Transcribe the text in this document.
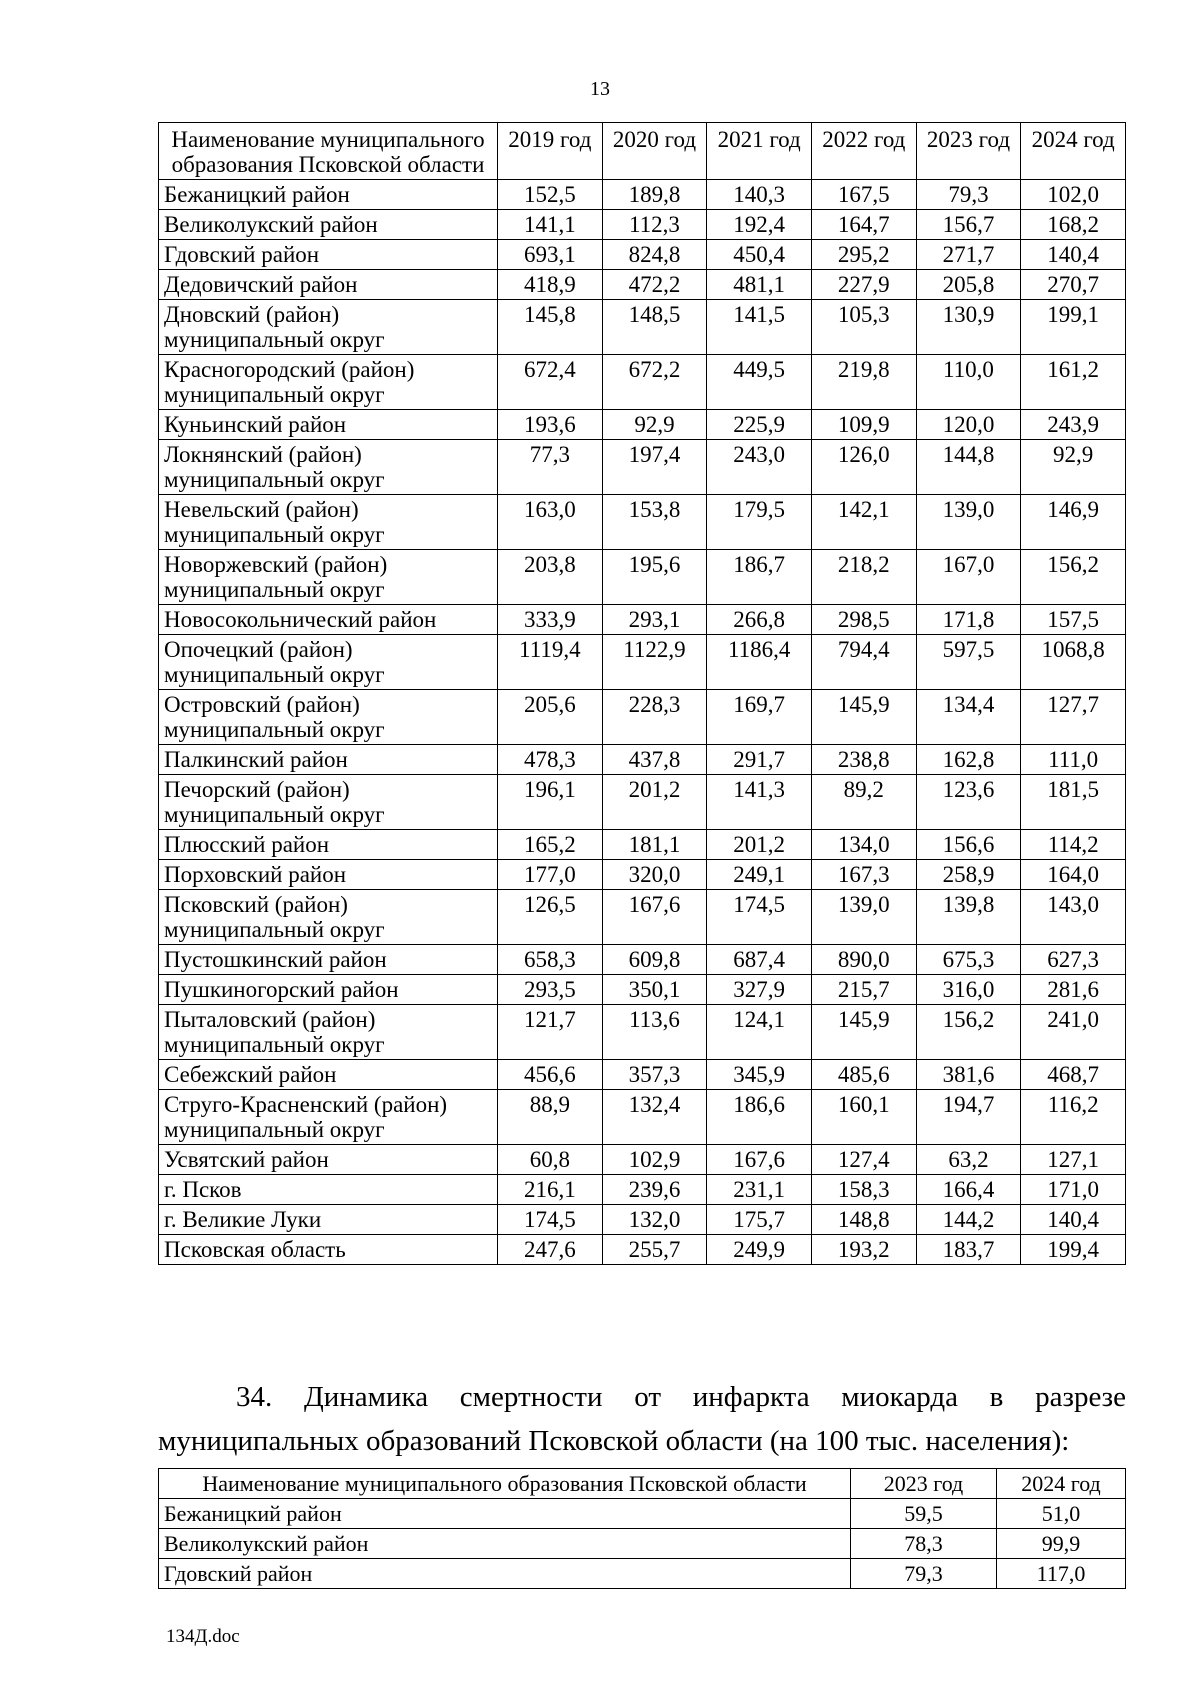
13
Наименование муниципального образования Псковской области	2019 год	2020 год	2021 год	2022 год	2023 год	2024 год
Бежаницкий район	152,5	189,8	140,3	167,5	79,3	102,0
Великолукский район	141,1	112,3	192,4	164,7	156,7	168,2
Гдовский район	693,1	824,8	450,4	295,2	271,7	140,4
Дедовичский район	418,9	472,2	481,1	227,9	205,8	270,7
Дновский (район) муниципальный округ	145,8	148,5	141,5	105,3	130,9	199,1
Красногородский (район) муниципальный округ	672,4	672,2	449,5	219,8	110,0	161,2
Куньинский район	193,6	92,9	225,9	109,9	120,0	243,9
Локнянский (район) муниципальный округ	77,3	197,4	243,0	126,0	144,8	92,9
Невельский (район) муниципальный округ	163,0	153,8	179,5	142,1	139,0	146,9
Новоржевский (район) муниципальный округ	203,8	195,6	186,7	218,2	167,0	156,2
Новосокольнический район	333,9	293,1	266,8	298,5	171,8	157,5
Опочецкий (район) муниципальный округ	1119,4	1122,9	1186,4	794,4	597,5	1068,8
Островский (район) муниципальный округ	205,6	228,3	169,7	145,9	134,4	127,7
Палкинский район	478,3	437,8	291,7	238,8	162,8	111,0
Печорский (район) муниципальный округ	196,1	201,2	141,3	89,2	123,6	181,5
Плюсский район	165,2	181,1	201,2	134,0	156,6	114,2
Порховский район	177,0	320,0	249,1	167,3	258,9	164,0
Псковский (район) муниципальный округ	126,5	167,6	174,5	139,0	139,8	143,0
Пустошкинский район	658,3	609,8	687,4	890,0	675,3	627,3
Пушкиногорский район	293,5	350,1	327,9	215,7	316,0	281,6
Пыталовский (район) муниципальный округ	121,7	113,6	124,1	145,9	156,2	241,0
Себежский район	456,6	357,3	345,9	485,6	381,6	468,7
Струго-Красненский (район) муниципальный округ	88,9	132,4	186,6	160,1	194,7	116,2
Усвятский район	60,8	102,9	167,6	127,4	63,2	127,1
г. Псков	216,1	239,6	231,1	158,3	166,4	171,0
г. Великие Луки	174,5	132,0	175,7	148,8	144,2	140,4
Псковская область	247,6	255,7	249,9	193,2	183,7	199,4
34. Динамика смертности от инфаркта миокарда в разрезе муниципальных образований Псковской области (на 100 тыс. населения):
Наименование муниципального образования Псковской области	2023 год	2024 год
Бежаницкий район	59,5	51,0
Великолукский район	78,3	99,9
Гдовский район	79,3	117,0
134Д.doc
